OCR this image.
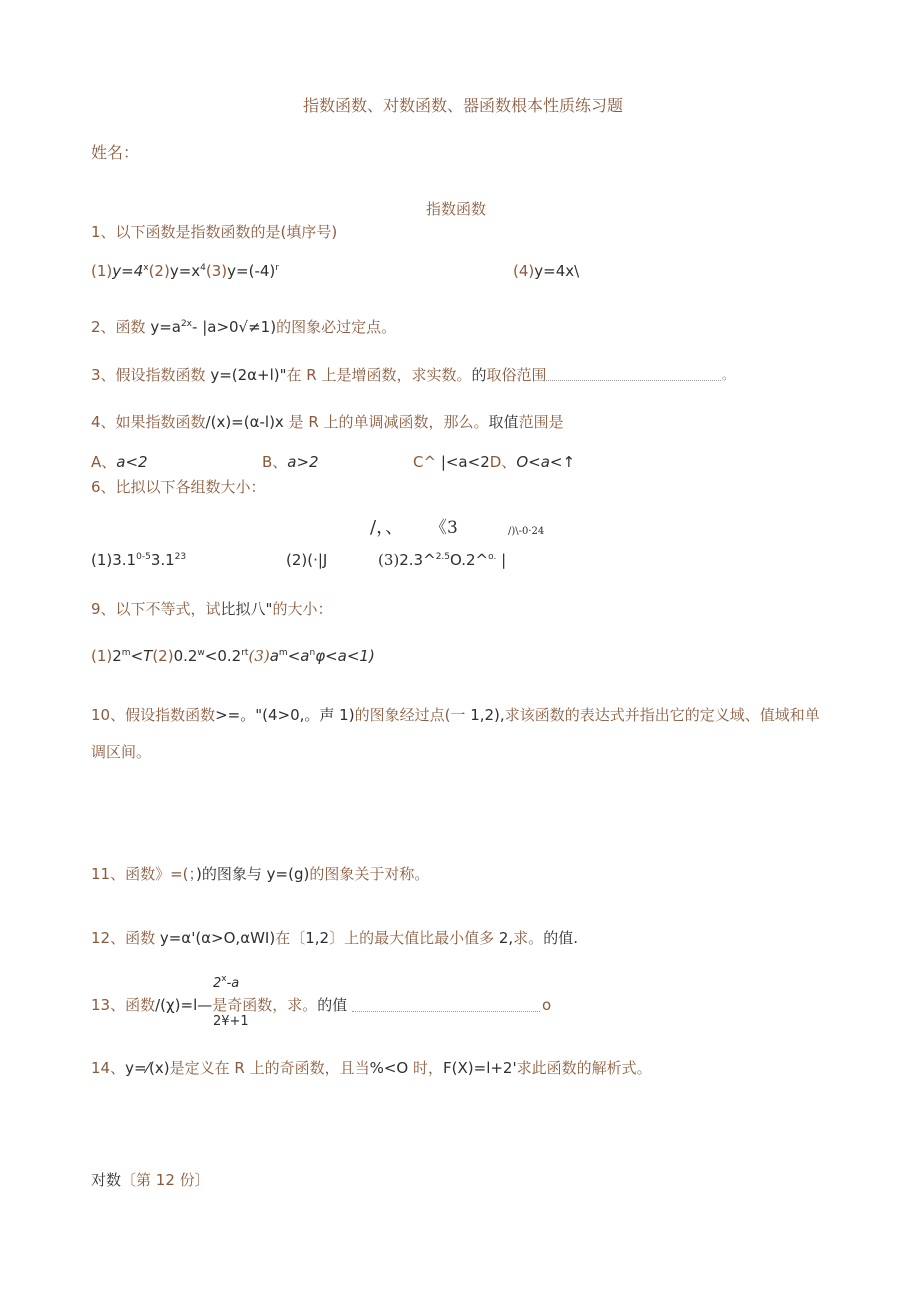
指数函数、对数函数、器函数根本性质练习题
姓名：
指数函数
1、以下函数是指数函数的是(填序号)
$(1)y=4^x(2)y=x^4(3)y=(-4)^r$	(4)y=4x\
2、函数 $y=a^{2x}-$ |a>0√≠1)的图象必过定点。
3、假设指数函数 y=(2α+l)"在 R 上是增函数，求实数。的取俗范围	。
4、如果指数函数/(x)=(α-l)x 是 R 上的单调减函数，那么。取值范围是
A、a<2	B、a>2	C^ |<a<2D、O<a<↑
6、比拟以下各组数大小：
/，、 《3	/)\-0·24
$(1)3.1^{0-5}3.1^{23}$	(2)(·|J	(3)2.3^$^{2.5}$O.2^$^{o.}$ |
9、以下不等式，试比拟八"的大小：
$(1)2^m<T(2)0.2^w<0.2^{rt}(3)a^m<a^n\varphi<a<1$)
10、假设指数函数>=。"(4>0,。声 1)的图象经过点(一 1,2),求该函数的表达式并指出它的定义域、值域和单
调区间。
11、函数》=(；)的图象与 y=(g)的图象关于对称。
12、函数 y=α'(α>O,αWI)在〔1,2〕上的最大值比最小值多 2,求。的值.
2$^x$-a
13、函数/(χ)=l—是奇函数，求。的值	o
2¥+1
14、y=⁄(x)是定义在 R 上的奇函数，且当%<O 时，F(X)=l+2'求此函数的解析式。
对数〔第 12 份〕
